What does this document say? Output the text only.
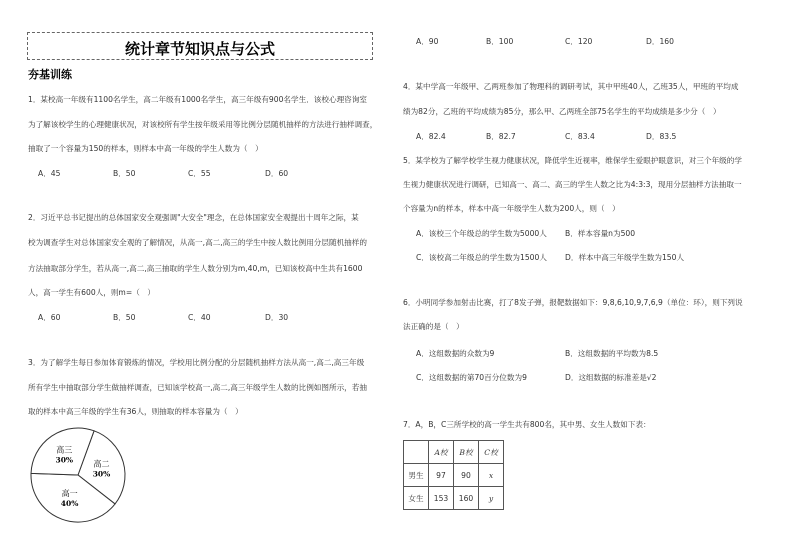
统计章节知识点与公式
夯基训练
1．某校高一年级有1100名学生，高二年级有1000名学生，高三年级有900名学生．该校心理咨询室
为了解该校学生的心理健康状况，对该校所有学生按年级采用等比例分层随机抽样的方法进行抽样调查，
抽取了一个容量为150的样本，则样本中高一年级的学生人数为（　）
A．45	B．50	C．55	D．60
2．习近平总书记提出的总体国家安全观强调"大安全"理念，在总体国家安全观提出十周年之际，某
校为调查学生对总体国家安全观的了解情况，从高一,高二,高三的学生中按人数比例用分层随机抽样的
方法抽取部分学生，若从高一,高二,高三抽取的学生人数分别为m,40,m，已知该校高中生共有1600
人，高一学生有600人，则m=（　）
A．60	B．50	C．40	D．30
3．为了解学生每日参加体育锻炼的情况，学校用比例分配的分层随机抽样方法从高一,高二,高三年级
所有学生中抽取部分学生做抽样调查，已知该学校高一,高二,高三年级学生人数的比例如图所示，若抽
取的样本中高三年级的学生有36人，则抽取的样本容量为（　）
高二
30%
高一
40%
高三
30%
A．90	B．100	C．120	D．160
4．某中学高一年级甲、乙两班参加了物理科的调研考试，其中甲班40人，乙班35人，甲班的平均成
绩为82分，乙班的平均成绩为85分，那么甲、乙两班全部75名学生的平均成绩是多少分（　）
A．82.4	B．82.7	C．83.4	D．83.5
5．某学校为了解学校学生视力健康状况，降低学生近视率，维保学生爱眼护眼意识，对三个年级的学
生视力健康状况进行调研，已知高一、高二、高三的学生人数之比为4:3:3，现用分层抽样方法抽取一
个容量为n的样本，样本中高一年级学生人数为200人，则（　）
A．该校三个年级总的学生数为5000人 B．样本容量n为500
C．该校高二年级总的学生数为1500人 D．样本中高三年级学生数为150人
6．小明同学参加射击比赛，打了8发子弹，报靶数据如下：9,8,6,10,9,7,6,9（单位：环），则下列说
法正确的是（　）
A．这组数据的众数为9	B．这组数据的平均数为8.5
C．这组数据的第70百分位数为9	D．这组数据的标准差是√2
7．A，B，C三所学校的高一学生共有800名，其中男、女生人数如下表：
	A校	B校	C校
男生	97	90	x
女生	153	160	y
